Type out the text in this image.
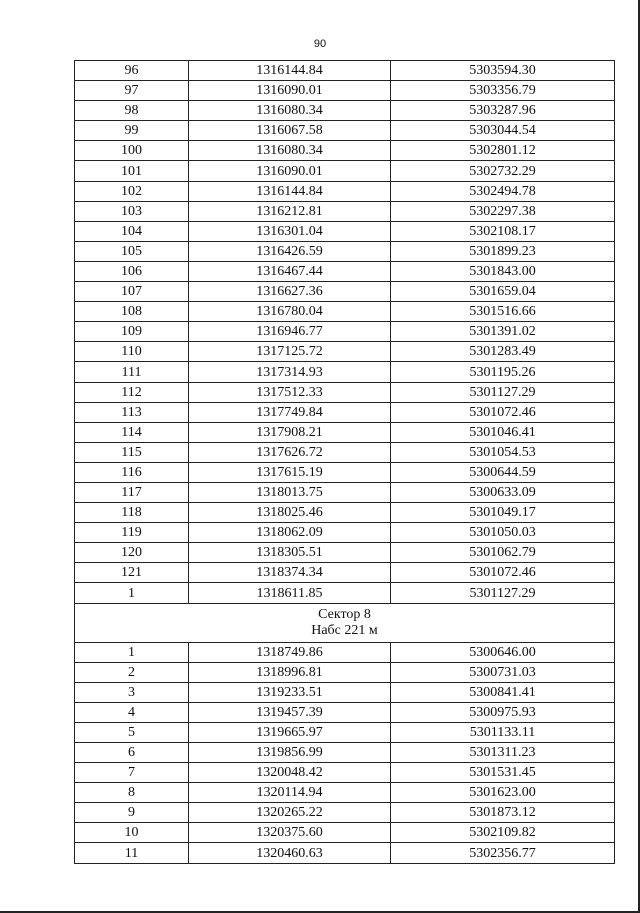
90
96	1316144.84	5303594.30
97	1316090.01	5303356.79
98	1316080.34	5303287.96
99	1316067.58	5303044.54
100	1316080.34	5302801.12
101	1316090.01	5302732.29
102	1316144.84	5302494.78
103	1316212.81	5302297.38
104	1316301.04	5302108.17
105	1316426.59	5301899.23
106	1316467.44	5301843.00
107	1316627.36	5301659.04
108	1316780.04	5301516.66
109	1316946.77	5301391.02
110	1317125.72	5301283.49
111	1317314.93	5301195.26
112	1317512.33	5301127.29
113	1317749.84	5301072.46
114	1317908.21	5301046.41
115	1317626.72	5301054.53
116	1317615.19	5300644.59
117	1318013.75	5300633.09
118	1318025.46	5301049.17
119	1318062.09	5301050.03
120	1318305.51	5301062.79
121	1318374.34	5301072.46
1	1318611.85	5301127.29

Сектор 8
Набс 221 м		

1	1318749.86	5300646.00
2	1318996.81	5300731.03
3	1319233.51	5300841.41
4	1319457.39	5300975.93
5	1319665.97	5301133.11
6	1319856.99	5301311.23
7	1320048.42	5301531.45
8	1320114.94	5301623.00
9	1320265.22	5301873.12
10	1320375.60	5302109.82
11	1320460.63	5302356.77
